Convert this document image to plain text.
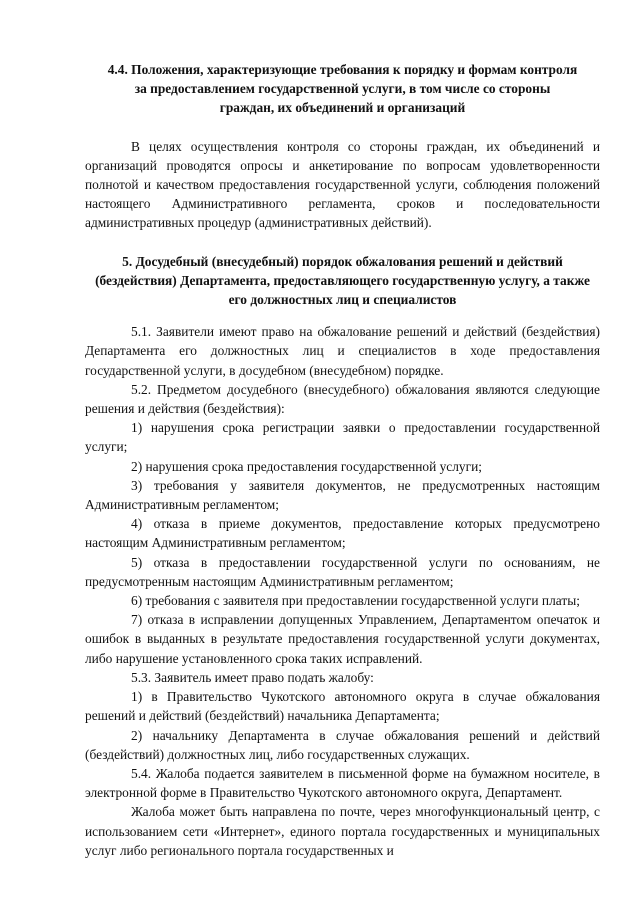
4.4. Положения, характеризующие требования к порядку и формам контроля за предоставлением государственной услуги, в том числе со стороны граждан, их объединений и организаций

В целях осуществления контроля со стороны граждан, их объединений и организаций проводятся опросы и анкетирование по вопросам удовлетворенности полнотой и качеством предоставления государственной услуги, соблюдения положений настоящего Административного регламента, сроков и последовательности административных процедур (административных действий).

5. Досудебный (внесудебный) порядок обжалования решений и действий (бездействия) Департамента, предоставляющего государственную услугу, а также его должностных лиц и специалистов

5.1. Заявители имеют право на обжалование решений и действий (бездействия) Департамента его должностных лиц и специалистов в ходе предоставления государственной услуги, в досудебном (внесудебном) порядке.

5.2. Предметом досудебного (внесудебного) обжалования являются следующие решения и действия (бездействия):

1) нарушения срока регистрации заявки о предоставлении государственной услуги;

2) нарушения срока предоставления государственной услуги;

3) требования у заявителя документов, не предусмотренных настоящим Административным регламентом;

4) отказа в приеме документов, предоставление которых предусмотрено настоящим Административным регламентом;

5) отказа в предоставлении государственной услуги по основаниям, не предусмотренным настоящим Административным регламентом;

6) требования с заявителя при предоставлении государственной услуги платы;

7) отказа в исправлении допущенных Управлением, Департаментом опечаток и ошибок в выданных в результате предоставления государственной услуги документах, либо нарушение установленного срока таких исправлений.

5.3. Заявитель имеет право подать жалобу:

1) в Правительство Чукотского автономного округа в случае обжалования решений и действий (бездействий) начальника Департамента;

2) начальнику Департамента в случае обжалования решений и действий (бездействий) должностных лиц, либо государственных служащих.

5.4. Жалоба подается заявителем в письменной форме на бумажном носителе, в электронной форме в Правительство Чукотского автономного округа, Департамент.

Жалоба может быть направлена по почте, через многофункциональный центр, с использованием сети «Интернет», единого портала государственных и муниципальных услуг либо регионального портала государственных и
